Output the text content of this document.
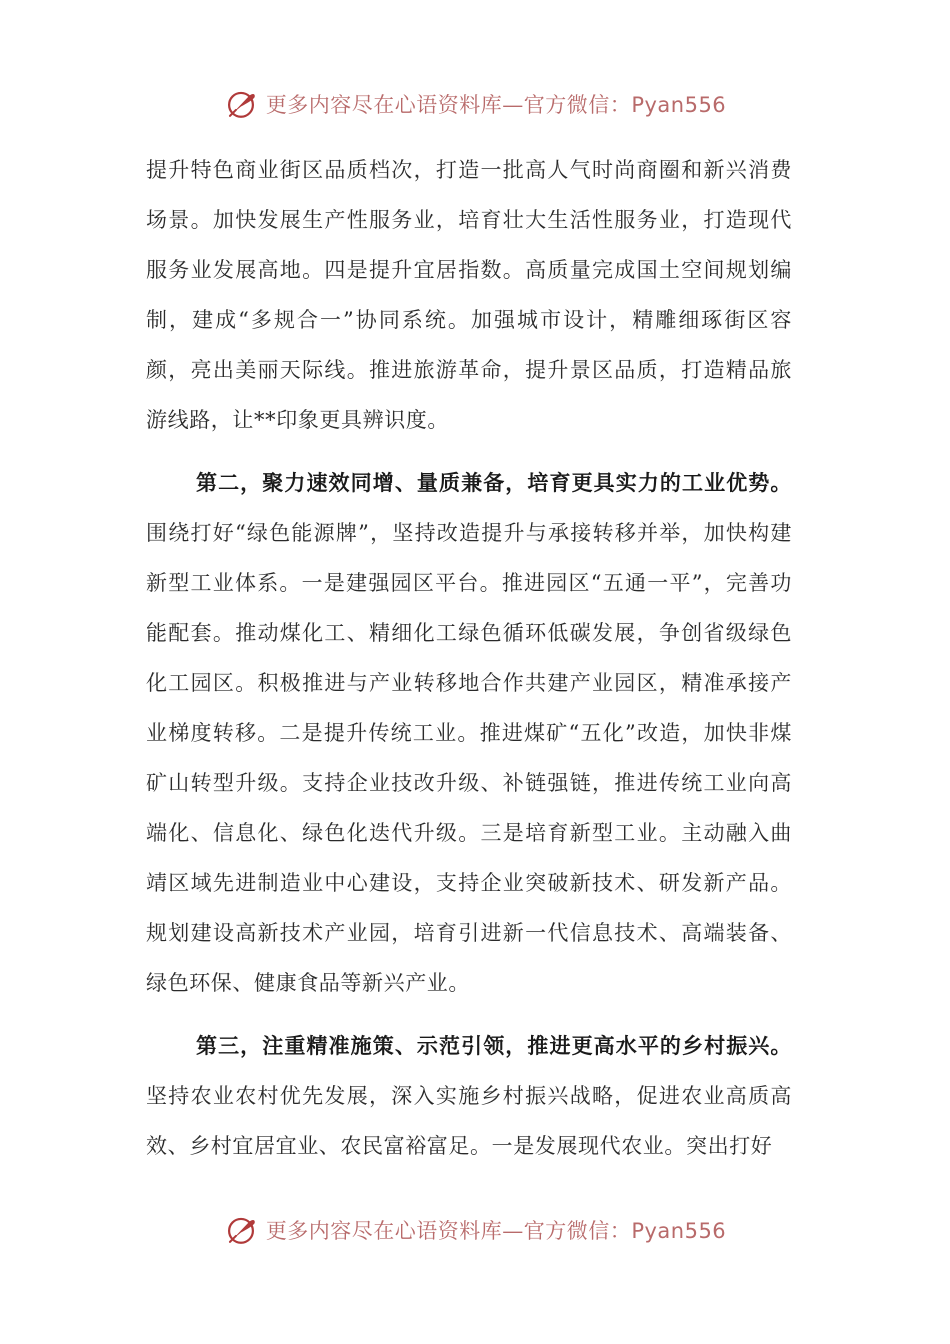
更多内容尽在心语资料库—官方微信：Pyan556

提升特色商业街区品质档次，打造一批高人气时尚商圈和新兴消费场景。加快发展生产性服务业，培育壮大生活性服务业，打造现代服务业发展高地。四是提升宜居指数。高质量完成国土空间规划编制，建成“多规合一”协同系统。加强城市设计，精雕细琢街区容颜，亮出美丽天际线。推进旅游革命，提升景区品质，打造精品旅游线路，让**印象更具辨识度。

第二，聚力速效同增、量质兼备，培育更具实力的工业优势。围绕打好“绿色能源牌”，坚持改造提升与承接转移并举，加快构建新型工业体系。一是建强园区平台。推进园区“五通一平”，完善功能配套。推动煤化工、精细化工绿色循环低碳发展，争创省级绿色化工园区。积极推进与产业转移地合作共建产业园区，精准承接产业梯度转移。二是提升传统工业。推进煤矿“五化”改造，加快非煤矿山转型升级。支持企业技改升级、补链强链，推进传统工业向高端化、信息化、绿色化迭代升级。三是培育新型工业。主动融入曲靖区域先进制造业中心建设，支持企业突破新技术、研发新产品。规划建设高新技术产业园，培育引进新一代信息技术、高端装备、绿色环保、健康食品等新兴产业。

第三，注重精准施策、示范引领，推进更高水平的乡村振兴。坚持农业农村优先发展，深入实施乡村振兴战略，促进农业高质高效、乡村宜居宜业、农民富裕富足。一是发展现代农业。突出打好

更多内容尽在心语资料库—官方微信：Pyan556
